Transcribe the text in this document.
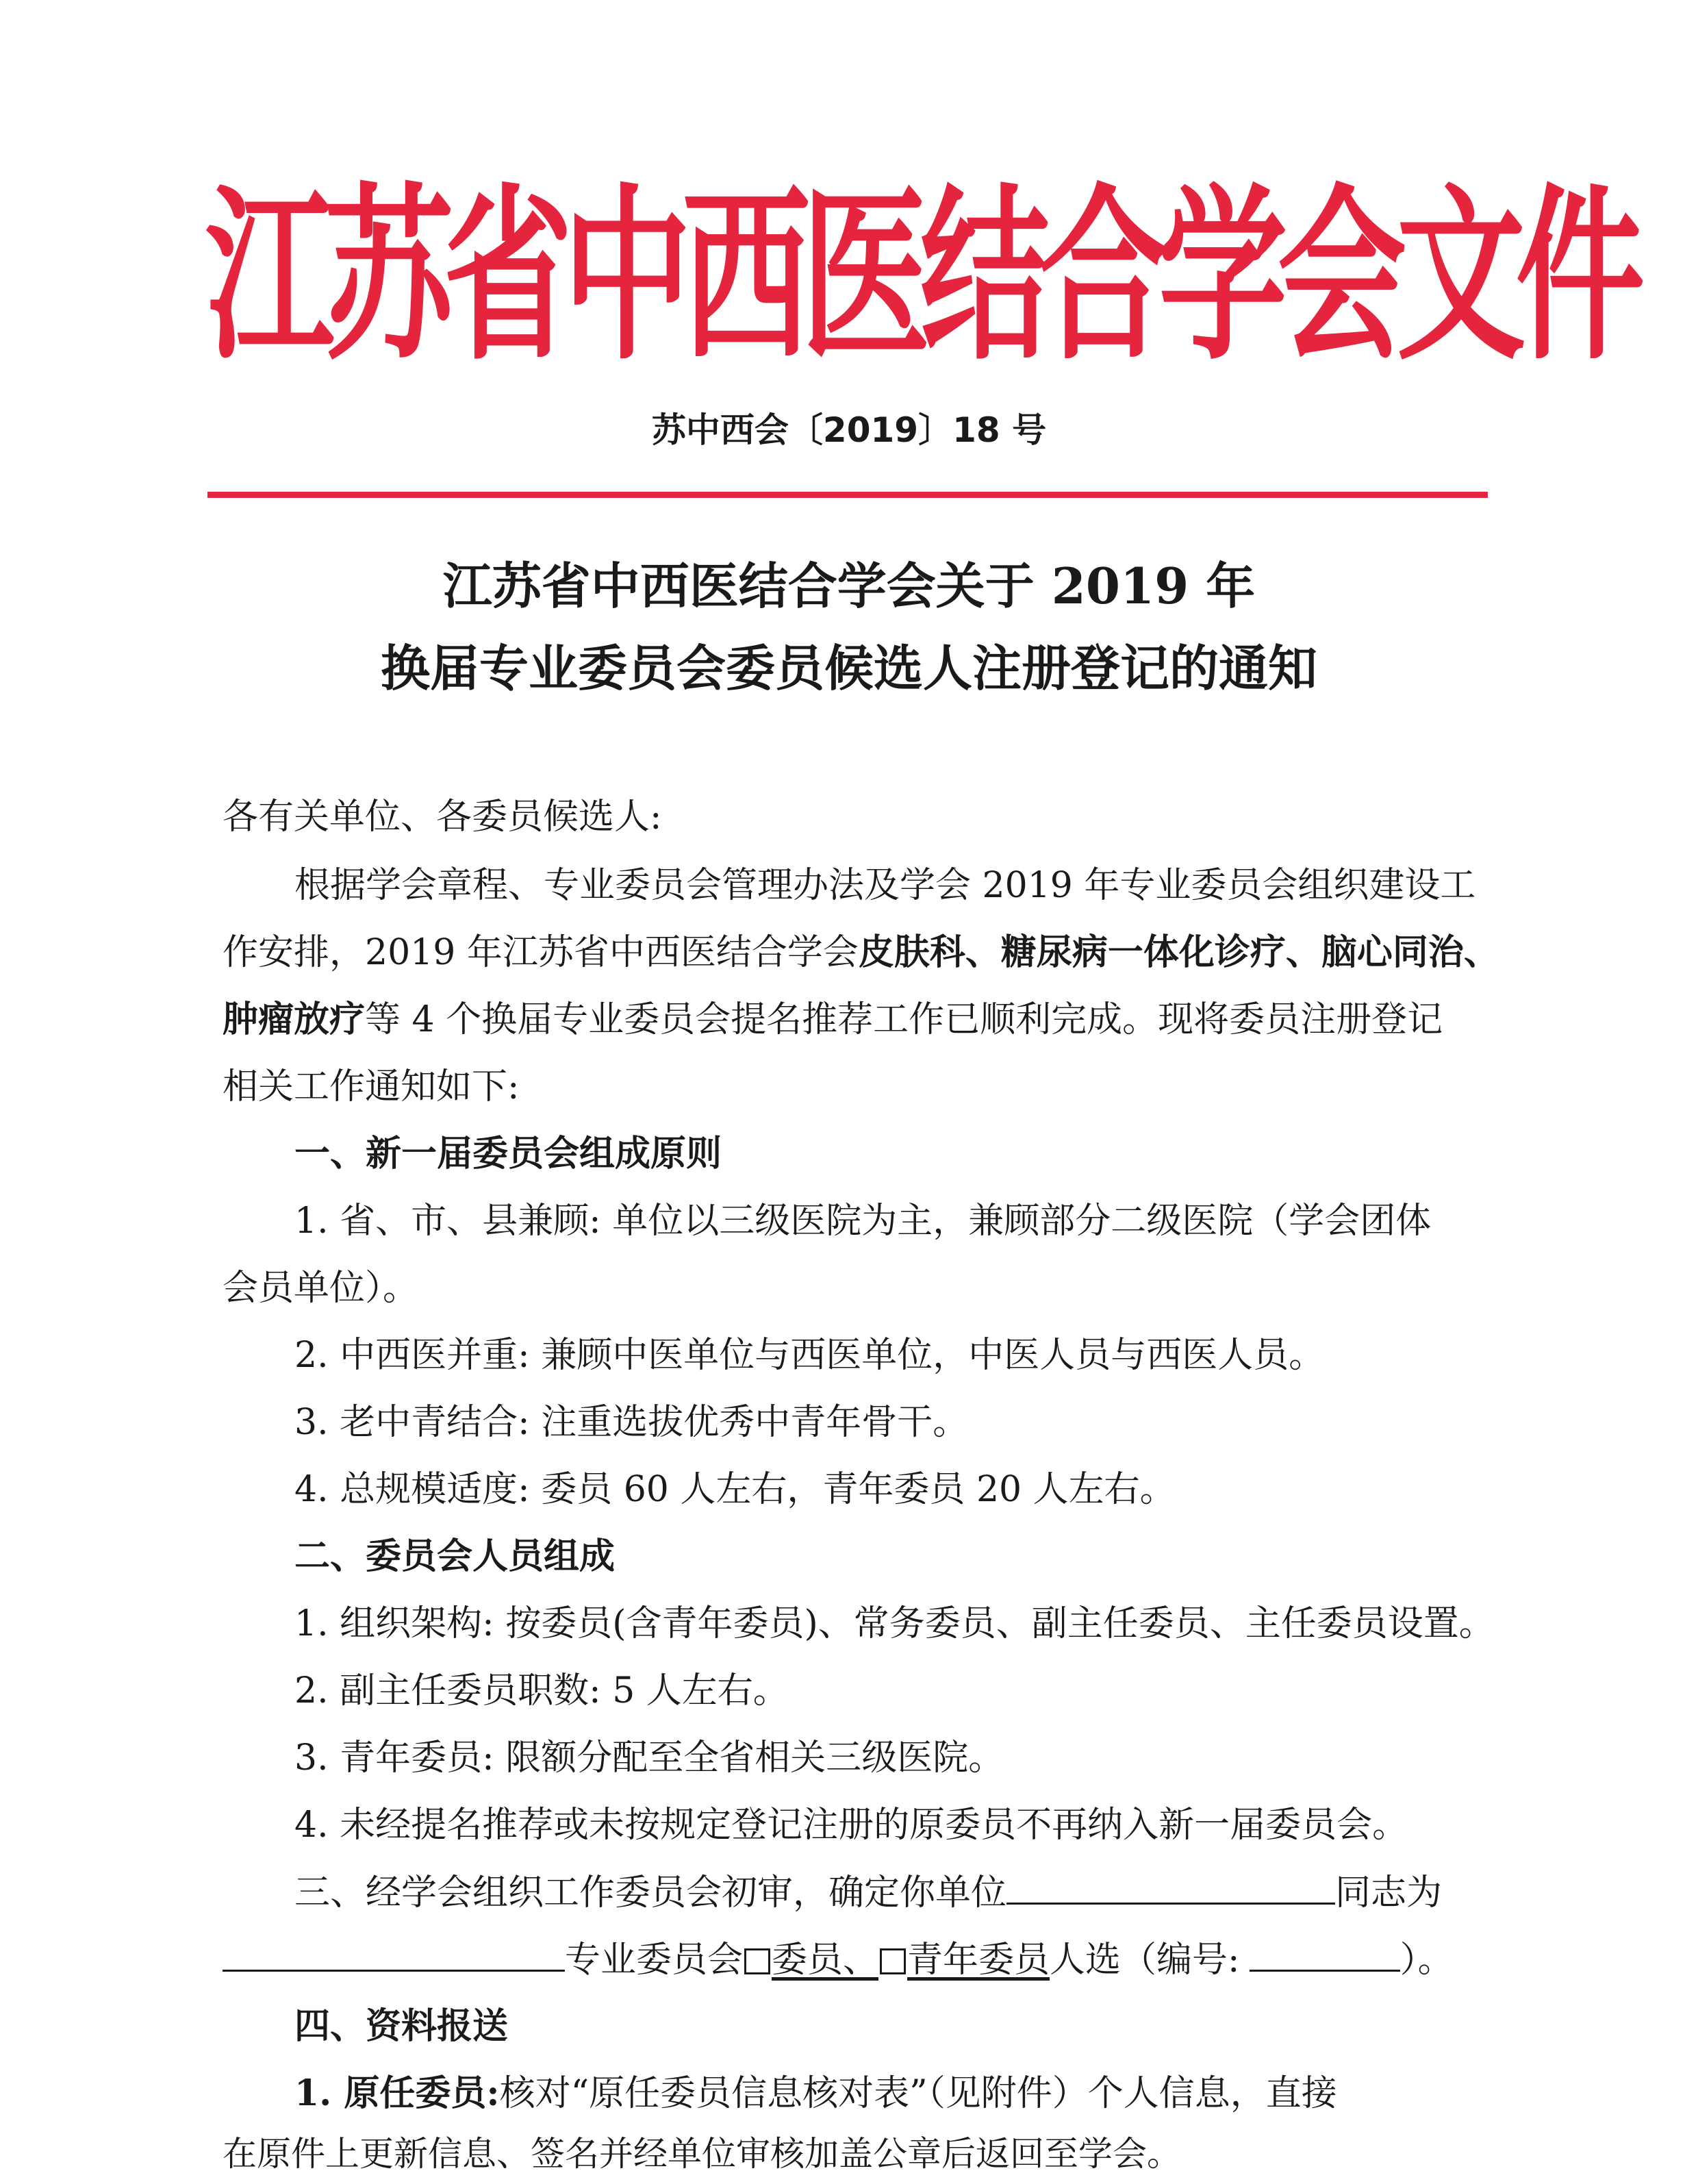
江苏省中西医结合学会文件
苏中西会〔2019〕18 号
江苏省中西医结合学会关于 2019 年
换届专业委员会委员候选人注册登记的通知
各有关单位、各委员候选人:
根据学会章程、专业委员会管理办法及学会 2019 年专业委员会组织建设工
作安排，2019 年江苏省中西医结合学会皮肤科、糖尿病一体化诊疗、脑心同治、
肿瘤放疗等 4 个换届专业委员会提名推荐工作已顺利完成。现将委员注册登记
相关工作通知如下:
一、新一届委员会组成原则
1. 省、市、县兼顾: 单位以三级医院为主，兼顾部分二级医院（学会团体
会员单位）。
2. 中西医并重: 兼顾中医单位与西医单位，中医人员与西医人员。
3. 老中青结合: 注重选拔优秀中青年骨干。
4. 总规模适度: 委员 60 人左右，青年委员 20 人左右。
二、委员会人员组成
1. 组织架构: 按委员(含青年委员)、常务委员、副主任委员、主任委员设置。
2. 副主任委员职数: 5 人左右。
3. 青年委员: 限额分配至全省相关三级医院。
4. 未经提名推荐或未按规定登记注册的原委员不再纳入新一届委员会。
三、经学会组织工作委员会初审，确定你单位	同志为
专业委员会 委员、 青年委员人选（编号:	）。
四、资料报送
1. 原任委员:核对“原任委员信息核对表”（见附件）个人信息，直接
在原件上更新信息、签名并经单位审核加盖公章后返回至学会。
